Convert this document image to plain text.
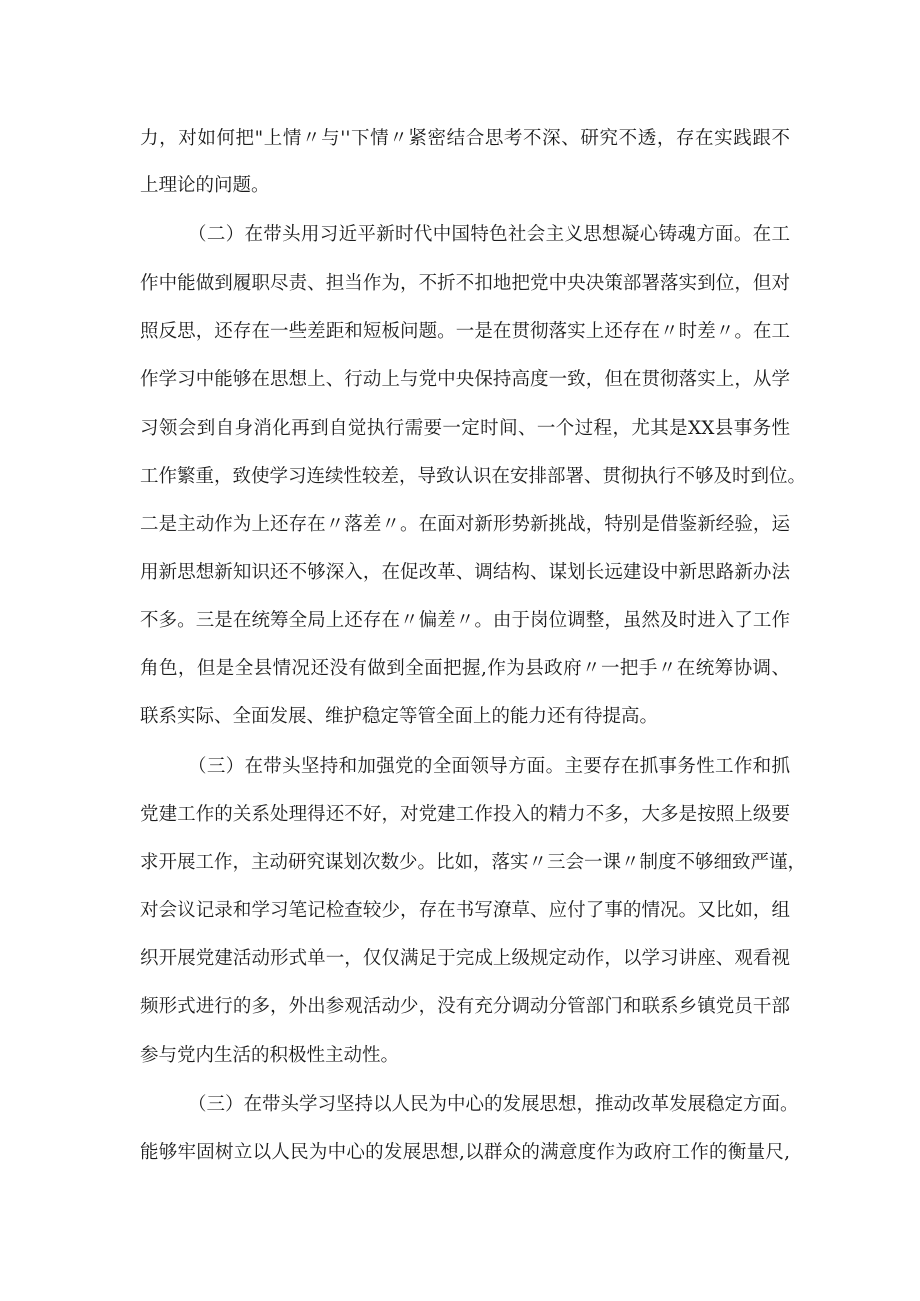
力，对如何把"上情〃与''下情〃紧密结合思考不深、研究不透，存在实践跟不
上理论的问题。
（二）在带头用习近平新时代中国特色社会主义思想凝心铸魂方面。在工
作中能做到履职尽责、担当作为，不折不扣地把党中央决策部署落实到位，但对
照反思，还存在一些差距和短板问题。一是在贯彻落实上还存在〃时差〃。在工
作学习中能够在思想上、行动上与党中央保持高度一致，但在贯彻落实上，从学
习领会到自身消化再到自觉执行需要一定时间、一个过程，尤其是XX县事务性
工作繁重，致使学习连续性较差，导致认识在安排部署、贯彻执行不够及时到位。
二是主动作为上还存在〃落差〃。在面对新形势新挑战，特别是借鉴新经验，运
用新思想新知识还不够深入，在促改革、调结构、谋划长远建设中新思路新办法
不多。三是在统筹全局上还存在〃偏差〃。由于岗位调整，虽然及时进入了工作
角色，但是全县情况还没有做到全面把握,作为县政府〃一把手〃在统筹协调、
联系实际、全面发展、维护稳定等管全面上的能力还有待提高。
（三）在带头坚持和加强党的全面领导方面。主要存在抓事务性工作和抓
党建工作的关系处理得还不好，对党建工作投入的精力不多，大多是按照上级要
求开展工作，主动研究谋划次数少。比如，落实〃三会一课〃制度不够细致严谨，
对会议记录和学习笔记检查较少，存在书写潦草、应付了事的情况。又比如，组
织开展党建活动形式单一，仅仅满足于完成上级规定动作，以学习讲座、观看视
频形式进行的多，外出参观活动少，没有充分调动分管部门和联系乡镇党员干部
参与党内生活的积极性主动性。
（三）在带头学习坚持以人民为中心的发展思想，推动改革发展稳定方面。
能够牢固树立以人民为中心的发展思想,以群众的满意度作为政府工作的衡量尺,
